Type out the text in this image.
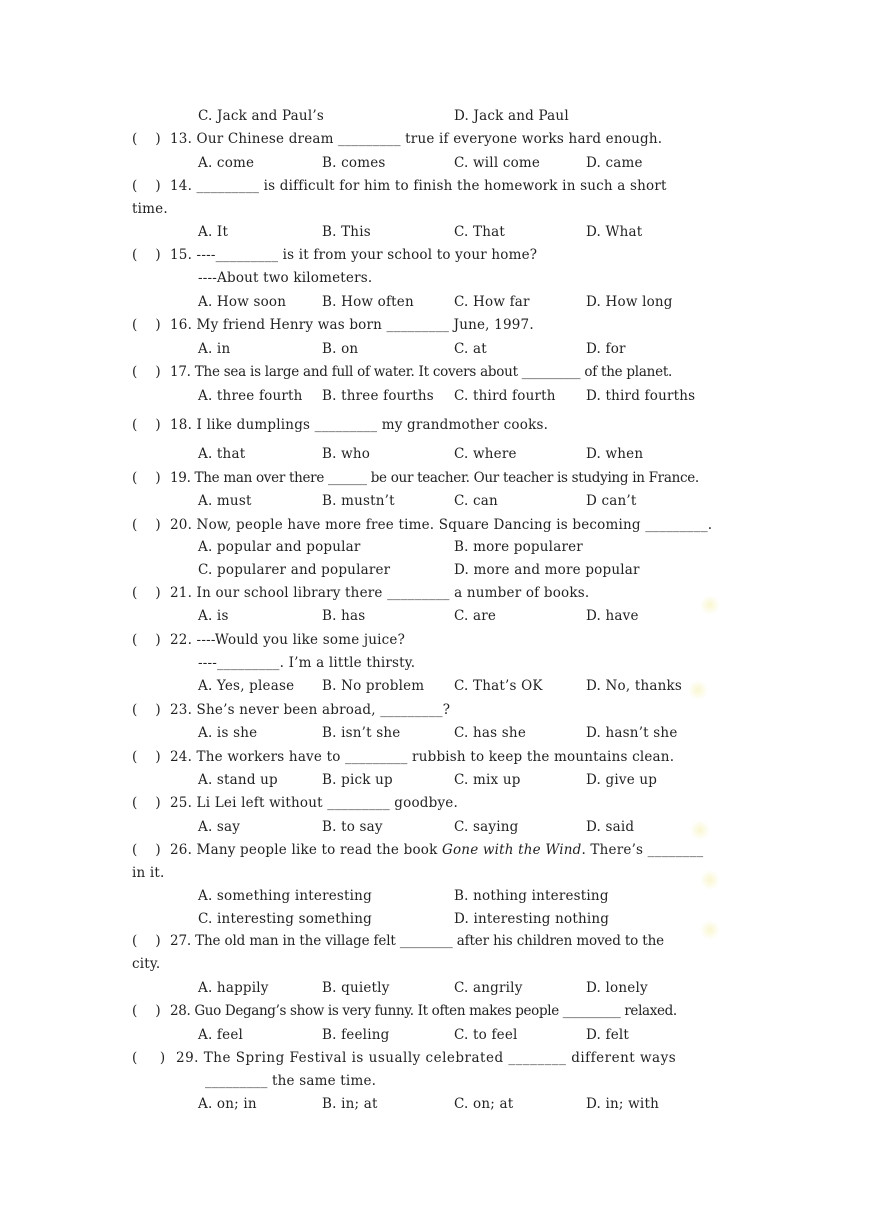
C. Jack and Paul’s	D. Jack and Paul
(    ) 13. Our Chinese dream _________ true if everyone works hard enough.
A. come	B. comes	C. will come	D. came
(    ) 14. _________ is difficult for him to finish the homework in such a short
time.
A. It	B. This	C. That	D. What
(    ) 15. ----_________ is it from your school to your home?
----About two kilometers.
A. How soon	B. How often	C. How far	D. How long
(    ) 16. My friend Henry was born _________ June, 1997.
A. in	B. on	C. at	D. for
(    ) 17. The sea is large and full of water. It covers about _________ of the planet.
A. three fourth B. three fourths C. third fourth D. third fourths
(    ) 18. I like dumplings _________ my grandmother cooks.
A. that	B. who	C. where	D. when
(    ) 19. The man over there ______ be our teacher. Our teacher is studying in France.
A. must	B. mustn’t	C. can	D can’t
(    ) 20. Now, people have more free time. Square Dancing is becoming _________.
A. popular and popular	B. more popularer
C. popularer and popularer	D. more and more popular
(    ) 21. In our school library there _________ a number of books.
A. is	B. has	C. are	D. have
(    ) 22. ----Would you like some juice?
----_________. I’m a little thirsty.
A. Yes, please B. No problem C. That’s OK	D. No, thanks
(    ) 23. She’s never been abroad, _________?
A. is she	B. isn’t she	C. has she	D. hasn’t she
(    ) 24. The workers have to _________ rubbish to keep the mountains clean.
A. stand up	B. pick up	C. mix up	D. give up
(    ) 25. Li Lei left without _________ goodbye.
A. say	B. to say	C. saying	D. said
(    ) 26. Many people like to read the book Gone with the Wind. There’s ________
in it.
A. something interesting	B. nothing interesting
C. interesting something	D. interesting nothing
(    ) 27. The old man in the village felt ________ after his children moved to the
city.
A. happily	B. quietly	C. angrily	D. lonely
(    ) 28. Guo Degang’s show is very funny. It often makes people _________ relaxed.
A. feel	B. feeling	C. to feel	D. felt
(     ) 29. The Spring Festival is usually celebrated ________ different ways
_________ the same time.
A. on; in	B. in; at	C. on; at	D. in; with
